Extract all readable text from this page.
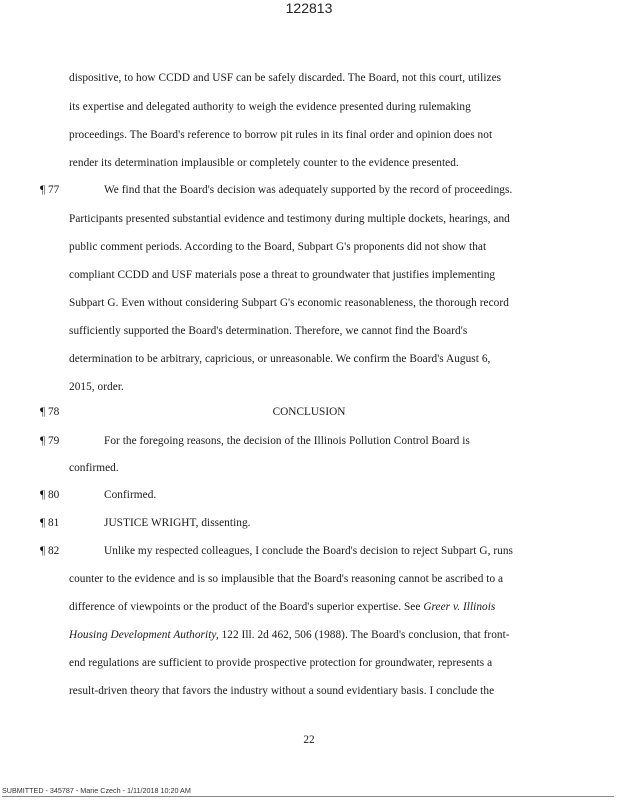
122813
dispositive, to how CCDD and USF can be safely discarded. The Board, not this court, utilizes
its expertise and delegated authority to weigh the evidence presented during rulemaking
proceedings. The Board's reference to borrow pit rules in its final order and opinion does not
render its determination implausible or completely counter to the evidence presented.
¶ 77	We find that the Board's decision was adequately supported by the record of proceedings.
Participants presented substantial evidence and testimony during multiple dockets, hearings, and
public comment periods. According to the Board, Subpart G's proponents did not show that
compliant CCDD and USF materials pose a threat to groundwater that justifies implementing
Subpart G. Even without considering Subpart G's economic reasonableness, the thorough record
sufficiently supported the Board's determination. Therefore, we cannot find the Board's
determination to be arbitrary, capricious, or unreasonable. We confirm the Board's August 6,
2015, order.
¶ 78	CONCLUSION
¶ 79	For the foregoing reasons, the decision of the Illinois Pollution Control Board is
confirmed.
¶ 80	Confirmed.
¶ 81	JUSTICE WRIGHT, dissenting.
¶ 82	Unlike my respected colleagues, I conclude the Board's decision to reject Subpart G, runs
counter to the evidence and is so implausible that the Board's reasoning cannot be ascribed to a
difference of viewpoints or the product of the Board's superior expertise. See Greer v. Illinois
Housing Development Authority, 122 Ill. 2d 462, 506 (1988). The Board's conclusion, that front-
end regulations are sufficient to provide prospective protection for groundwater, represents a
result-driven theory that favors the industry without a sound evidentiary basis. I conclude the
22
SUBMITTED - 345787 - Marie Czech - 1/11/2018 10:20 AM
